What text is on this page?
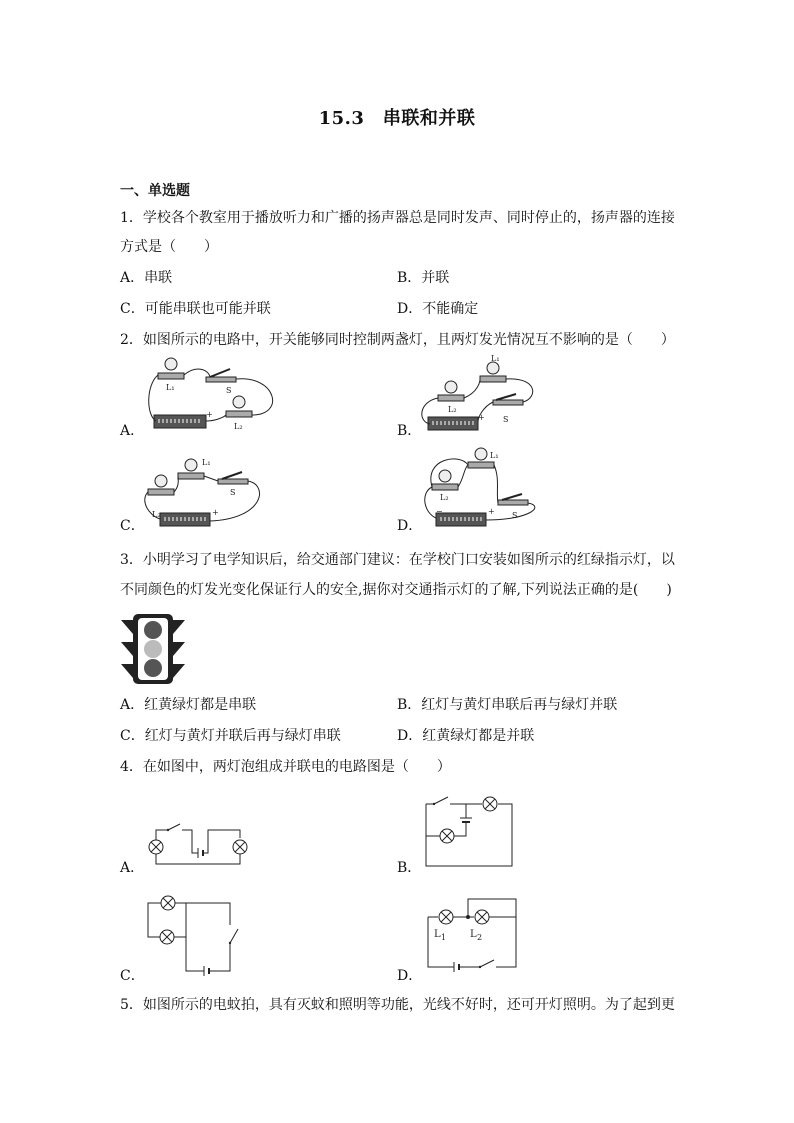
15.3　串联和并联
一、单选题
1．学校各个教室用于播放听力和广播的扬声器总是同时发声、同时停止的，扬声器的连接
方式是（　　）
A．串联	B．并联
C．可能串联也可能并联	D．不能确定
2．如图所示的电路中，开关能够同时控制两盏灯，且两灯发光情况互不影响的是（　　）
A．
+
L₁	S
L₂	B．
+
L₁
L₂
S
C．
L₂	+
L₁
S
D．
−	+
L₁
L₂
S
3．小明学习了电学知识后，给交通部门建议：在学校门口安装如图所示的红绿指示灯，以
不同颜色的灯发光变化保证行人的安全,据你对交通指示灯的了解,下列说法正确的是(　　)
A．红黄绿灯都是串联	B．红灯与黄灯串联后再与绿灯并联
C．红灯与黄灯并联后再与绿灯串联	D．红黄绿灯都是并联
4．在如图中，两灯泡组成并联电的电路图是（　　）
A．	B．
C．	D．
L 1 L 2
5．如图所示的电蚊拍，具有灭蚊和照明等功能，光线不好时，还可开灯照明。为了起到更
